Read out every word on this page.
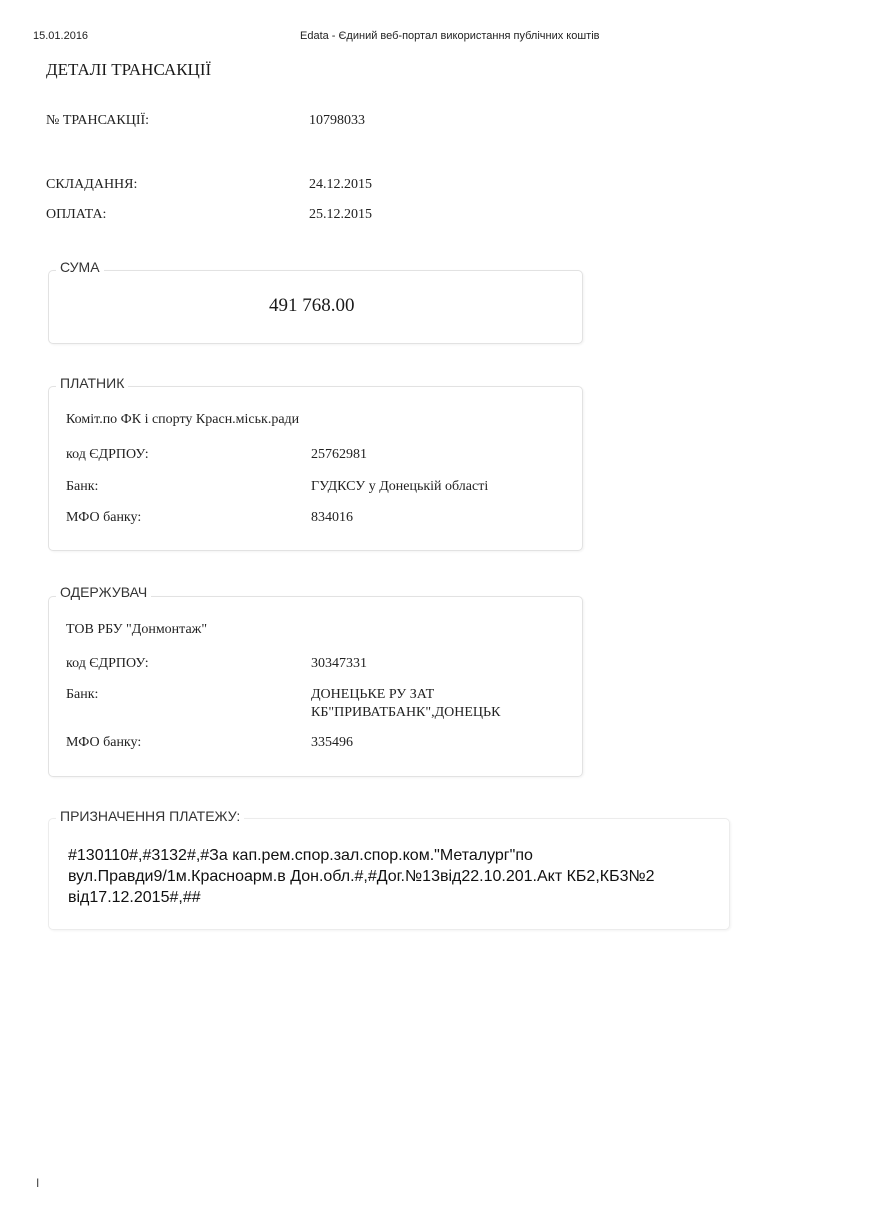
15.01.2016	Edata - Єдиний веб-портал використання публічних коштів
ДЕТАЛІ ТРАНСАКЦІЇ
№ ТРАНСАКЦІЇ:	10798033
СКЛАДАННЯ:	24.12.2015
ОПЛАТА:	25.12.2015
СУМА
491 768.00
ПЛАТНИК
Коміт.по ФК і спорту Красн.міськ.ради
код ЄДРПОУ:	25762981
Банк:	ГУДКСУ у Донецькій області
МФО банку:	834016
ОДЕРЖУВАЧ
ТОВ РБУ "Донмонтаж"
код ЄДРПОУ:	30347331
Банк:	ДОНЕЦЬКЕ РУ ЗАТ
КБ"ПРИВАТБАНК",ДОНЕЦЬК
МФО банку:	335496
ПРИЗНАЧЕННЯ ПЛАТЕЖУ:
#130110#,#3132#,#За кап.рем.спор.зал.спор.ком."Металург"по
вул.Правди9/1м.Красноарм.в Дон.обл.#,#Дог.№13від22.10.201.Акт КБ2,КБ3№2
від17.12.2015#,##
I
